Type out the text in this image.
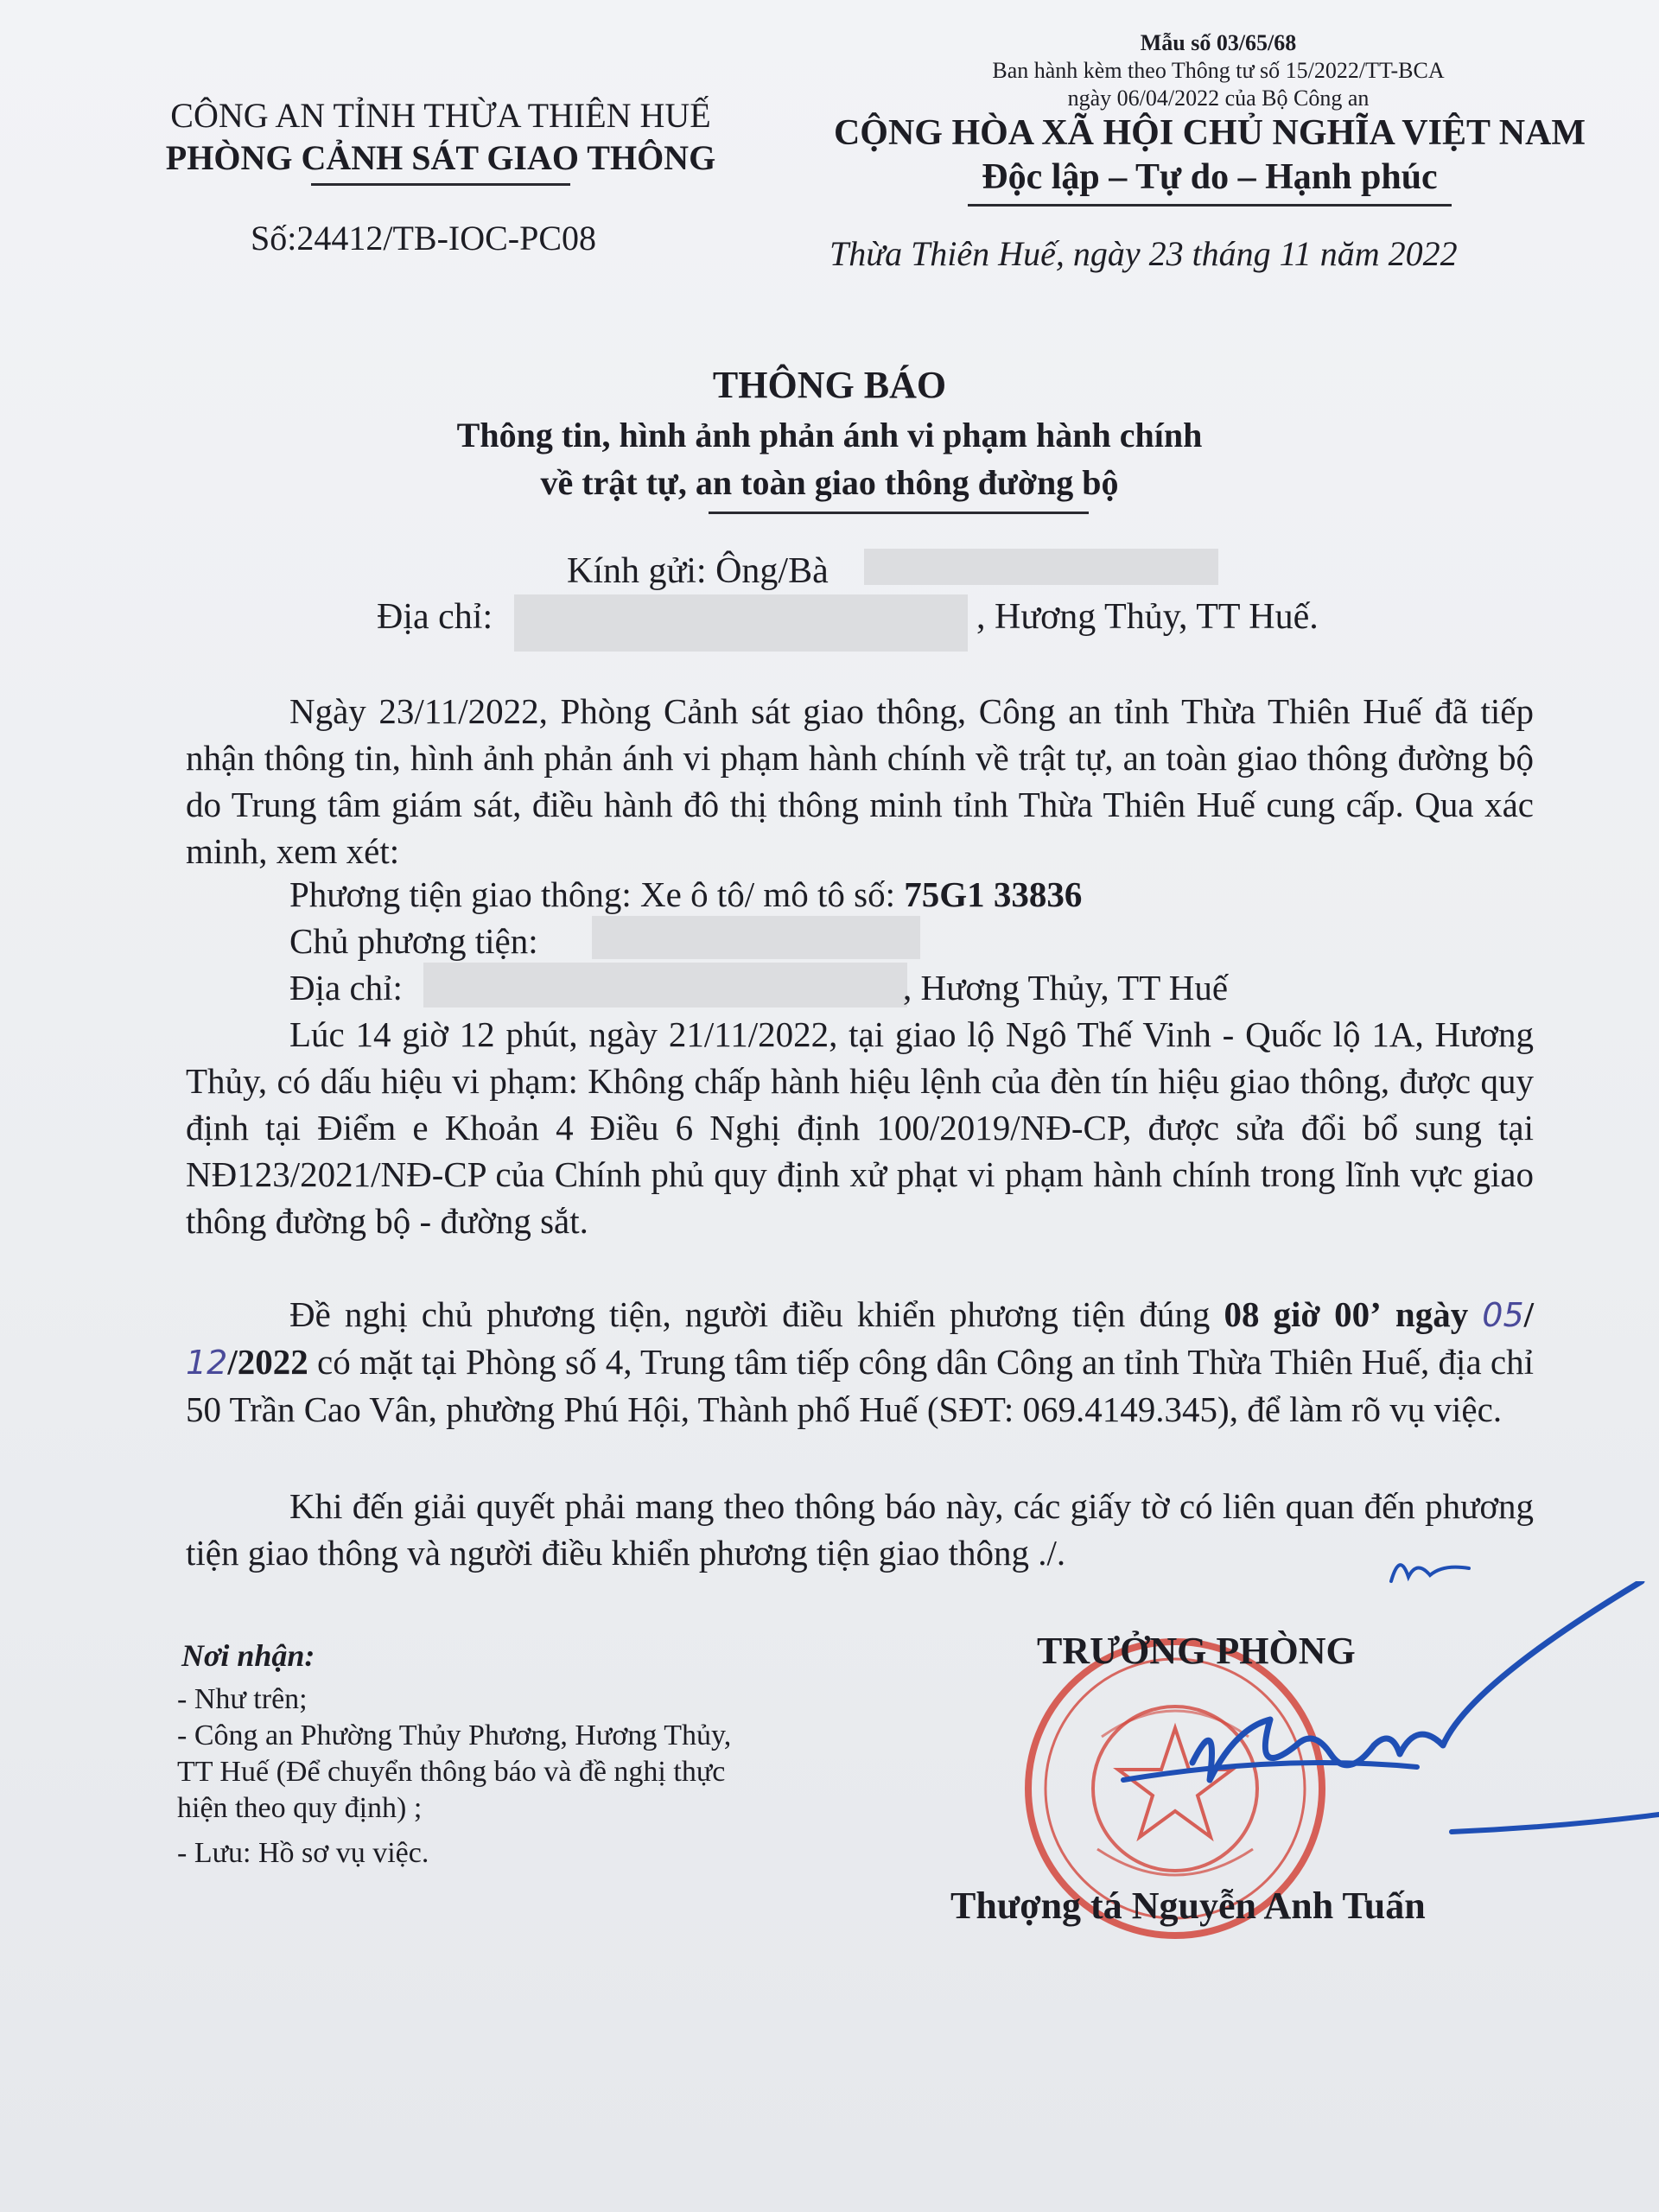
CÔNG AN TỈNH THỪA THIÊN HUẾ
PHÒNG CẢNH SÁT GIAO THÔNG
Số:24412/TB-IOC-PC08
Mẫu số 03/65/68
Ban hành kèm theo Thông tư số 15/2022/TT-BCA
ngày 06/04/2022 của Bộ Công an
CỘNG HÒA XÃ HỘI CHỦ NGHĨA VIỆT NAM
Độc lập – Tự do – Hạnh phúc
Thừa Thiên Huế, ngày 23 tháng 11 năm 2022
THÔNG BÁO
Thông tin, hình ảnh phản ánh vi phạm hành chính
về trật tự, an toàn giao thông đường bộ
Kính gửi: Ông/Bà
Địa chỉ:	, Hương Thủy, TT Huế.
Ngày 23/11/2022, Phòng Cảnh sát giao thông, Công an tỉnh Thừa Thiên Huế đã tiếp nhận thông tin, hình ảnh phản ánh vi phạm hành chính về trật tự, an toàn giao thông đường bộ do Trung tâm giám sát, điều hành đô thị thông minh tỉnh Thừa Thiên Huế cung cấp. Qua xác minh, xem xét:
Phương tiện giao thông: Xe ô tô/ mô tô số: 75G1 33836
Chủ phương tiện:
Địa chỉ:	, Hương Thủy, TT Huế
Lúc 14 giờ 12 phút, ngày 21/11/2022, tại giao lộ Ngô Thế Vinh - Quốc lộ 1A, Hương Thủy, có dấu hiệu vi phạm: Không chấp hành hiệu lệnh của đèn tín hiệu giao thông, được quy định tại Điểm e Khoản 4 Điều 6 Nghị định 100/2019/NĐ-CP, được sửa đổi bổ sung tại NĐ123/2021/NĐ-CP của Chính phủ quy định xử phạt vi phạm hành chính trong lĩnh vực giao thông đường bộ - đường sắt.
Đề nghị chủ phương tiện, người điều khiển phương tiện đúng 08 giờ 00’ ngày 05/ 12/2022 có mặt tại Phòng số 4, Trung tâm tiếp công dân Công an tỉnh Thừa Thiên Huế, địa chỉ 50 Trần Cao Vân, phường Phú Hội, Thành phố Huế (SĐT: 069.4149.345), để làm rõ vụ việc.
Khi đến giải quyết phải mang theo thông báo này, các giấy tờ có liên quan đến phương tiện giao thông và người điều khiển phương tiện giao thông ./.
Nơi nhận:
- Như trên;
- Công an Phường Thủy Phương, Hương Thủy,
TT Huế (Để chuyển thông báo và đề nghị thực
hiện theo quy định) ;
- Lưu: Hồ sơ vụ việc.
TRƯỞNG PHÒNG
Thượng tá Nguyễn Anh Tuấn
